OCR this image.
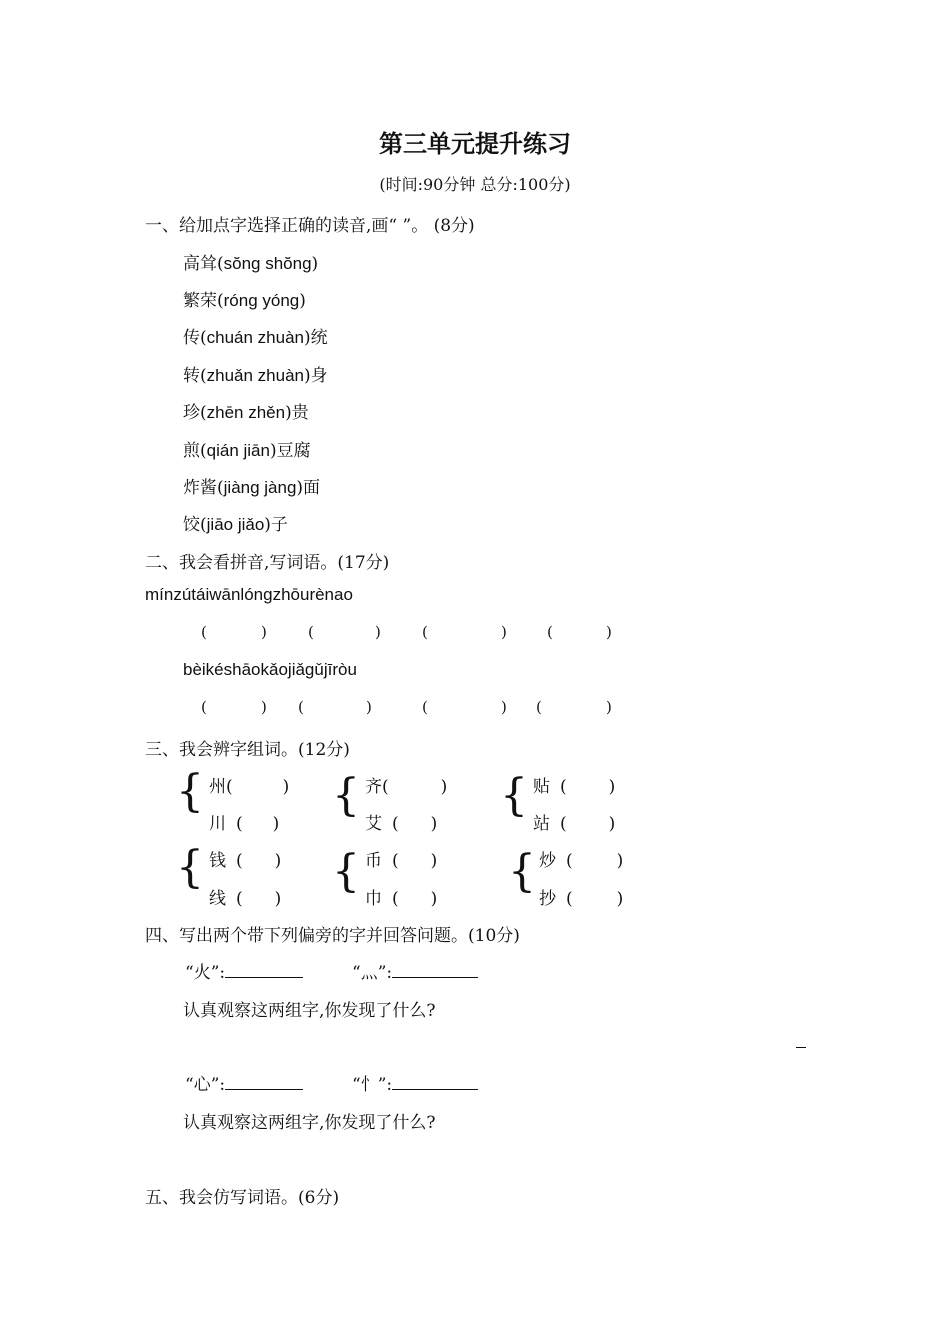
第三单元提升练习
(时间:90分钟 总分:100分)
一、给加点字选择正确的读音,画“ ”。 (8分)
高耸(sŏng shŏng)
繁荣(róng yóng)
传(chuán zhuàn)统
转(zhuǎn zhuàn)身
珍(zhēn zhěn)贵
煎(qián jiān)豆腐
炸酱(jiàng jàng)面
饺(jiāo jiǎo)子
二、我会看拼音,写词语。(17分)
mínzútáiwānlóngzhōurènao
(	)	(	)	(	)	(	)
bèikéshāokǎojiǎgǔjīròu
(	) (	)	(	) (	)
三、我会辨字组词。(12分)
{ 州(	)
川 ( )
{ 齐(	)
艾 ( )
{ 贴 ( )
站 ( )
{ 钱 ( )
线 ( )
{ 币 ( )
巾 ( )
{ 炒 (	)
抄 (	)
四、写出两个带下列偏旁的字并回答问题。(10分)
“火”:	“灬”:
认真观察这两组字,你发现了什么?
“心”:	“忄”:
认真观察这两组字,你发现了什么?
五、我会仿写词语。(6分)
